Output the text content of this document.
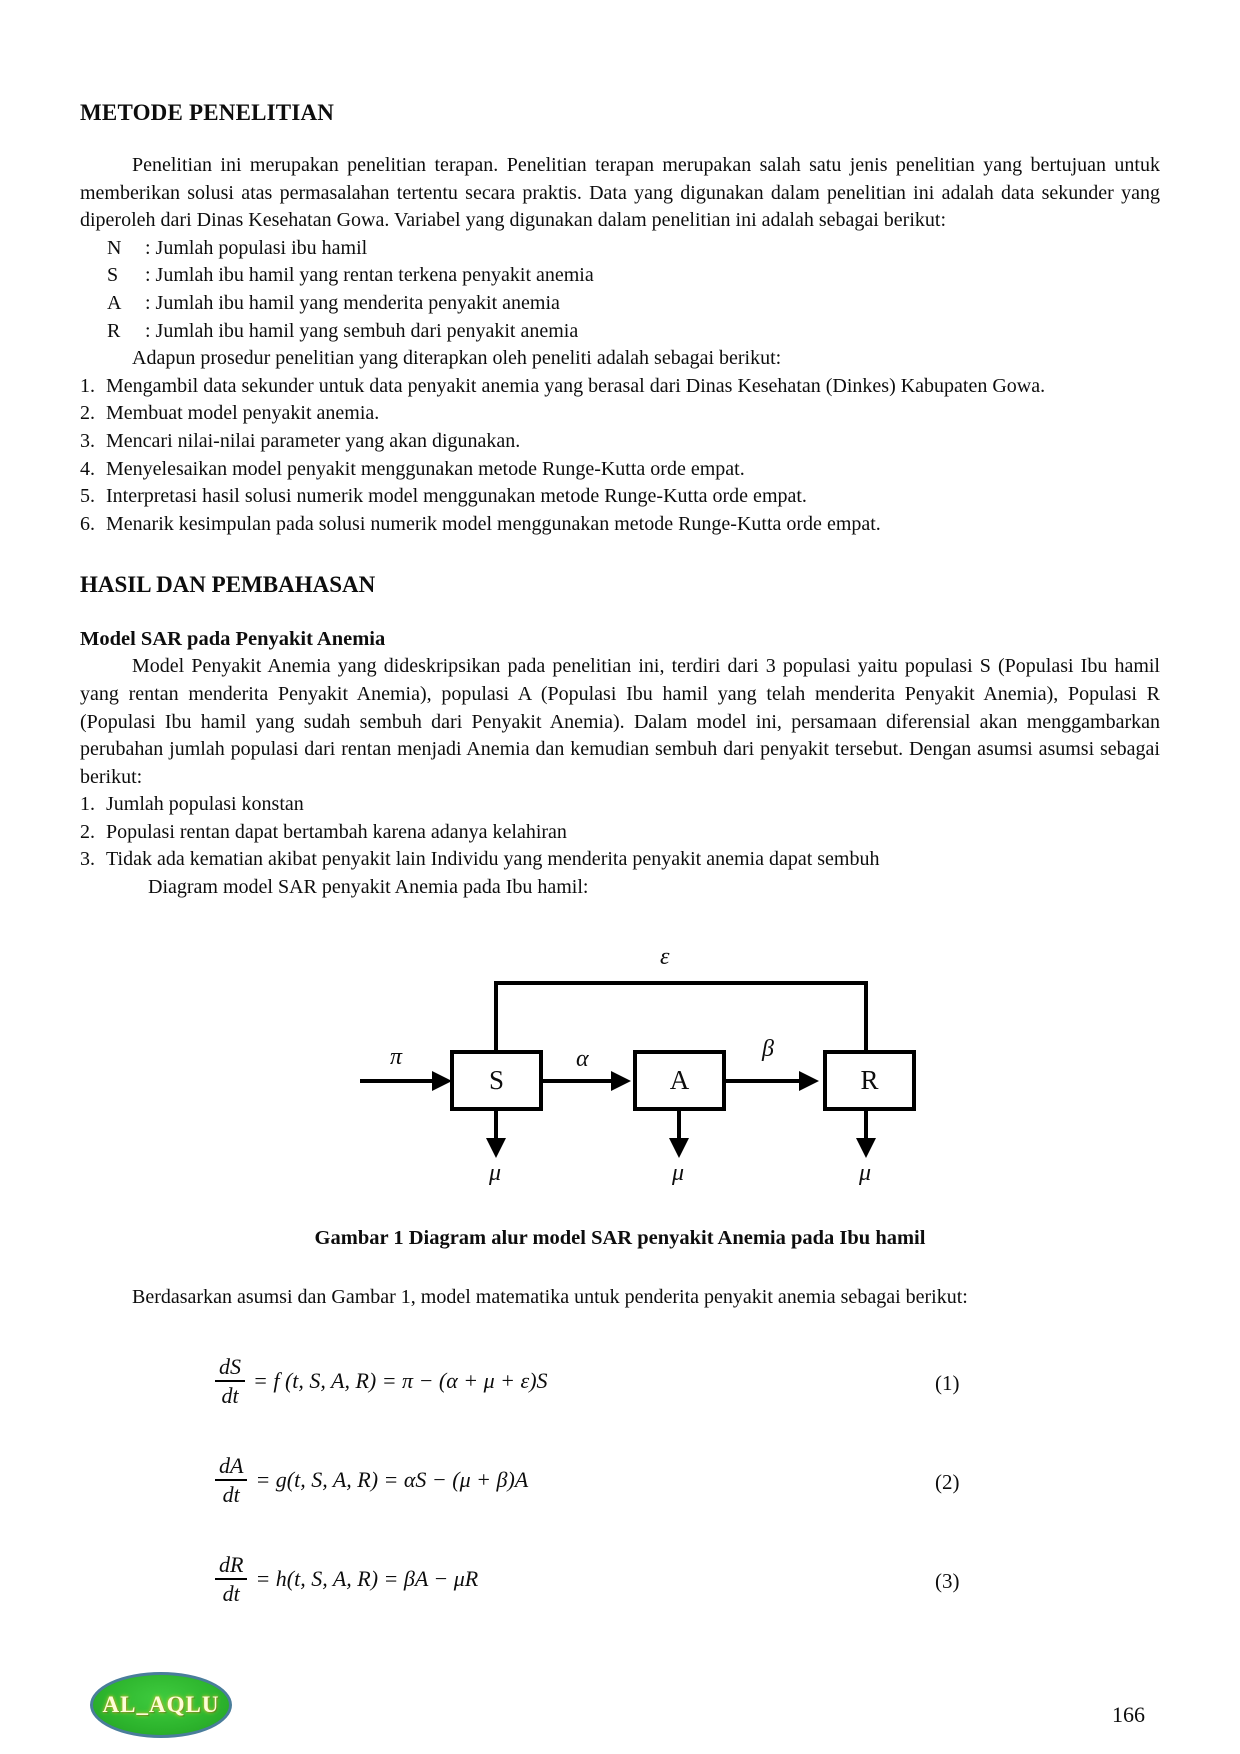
METODE PENELITIAN

Penelitian ini merupakan penelitian terapan. Penelitian terapan merupakan salah satu jenis penelitian yang bertujuan untuk memberikan solusi atas permasalahan tertentu secara praktis. Data yang digunakan dalam penelitian ini adalah data sekunder yang diperoleh dari Dinas Kesehatan Gowa. Variabel yang digunakan dalam penelitian ini adalah sebagai berikut:

N : Jumlah populasi ibu hamil
S : Jumlah ibu hamil yang rentan terkena penyakit anemia
A : Jumlah ibu hamil yang menderita penyakit anemia
R : Jumlah ibu hamil yang sembuh dari penyakit anemia

Adapun prosedur penelitian yang diterapkan oleh peneliti adalah sebagai berikut:

1. Mengambil data sekunder untuk data penyakit anemia yang berasal dari Dinas Kesehatan (Dinkes) Kabupaten Gowa.
2. Membuat model penyakit anemia.
3. Mencari nilai-nilai parameter yang akan digunakan.
4. Menyelesaikan model penyakit menggunakan metode Runge-Kutta orde empat.
5. Interpretasi hasil solusi numerik model menggunakan metode Runge-Kutta orde empat.
6. Menarik kesimpulan pada solusi numerik model menggunakan metode Runge-Kutta orde empat.
HASIL DAN PEMBAHASAN
Model SAR pada Penyakit Anemia

Model Penyakit Anemia yang dideskripsikan pada penelitian ini, terdiri dari 3 populasi yaitu populasi S (Populasi Ibu hamil yang rentan menderita Penyakit Anemia), populasi A (Populasi Ibu hamil yang telah menderita Penyakit Anemia), Populasi R (Populasi Ibu hamil yang sudah sembuh dari Penyakit Anemia). Dalam model ini, persamaan diferensial akan menggambarkan perubahan jumlah populasi dari rentan menjadi Anemia dan kemudian sembuh dari penyakit tersebut. Dengan asumsi asumsi sebagai berikut:

1. Jumlah populasi konstan
2. Populasi rentan dapat bertambah karena adanya kelahiran
3. Tidak ada kematian akibat penyakit lain Individu yang menderita penyakit anemia dapat sembuh

Diagram model SAR penyakit Anemia pada Ibu hamil:

S	A	R
ε
π	α	β
μ	μ	μ

Gambar 1 Diagram alur model SAR penyakit Anemia pada Ibu hamil

Berdasarkan asumsi dan Gambar 1, model matematika untuk penderita penyakit anemia sebagai berikut:

$\frac{dS}{dt} = f$ (t, S, A, R) = π − (α + μ + ε)S	(1)
$\frac{dA}{dt} = g(t$, S, A, R) = αS − (μ + β)A	(2)
$\frac{dR}{dt} = h(t$, S, A, R) = βA − μR	(3)
AL_AQLU	166
